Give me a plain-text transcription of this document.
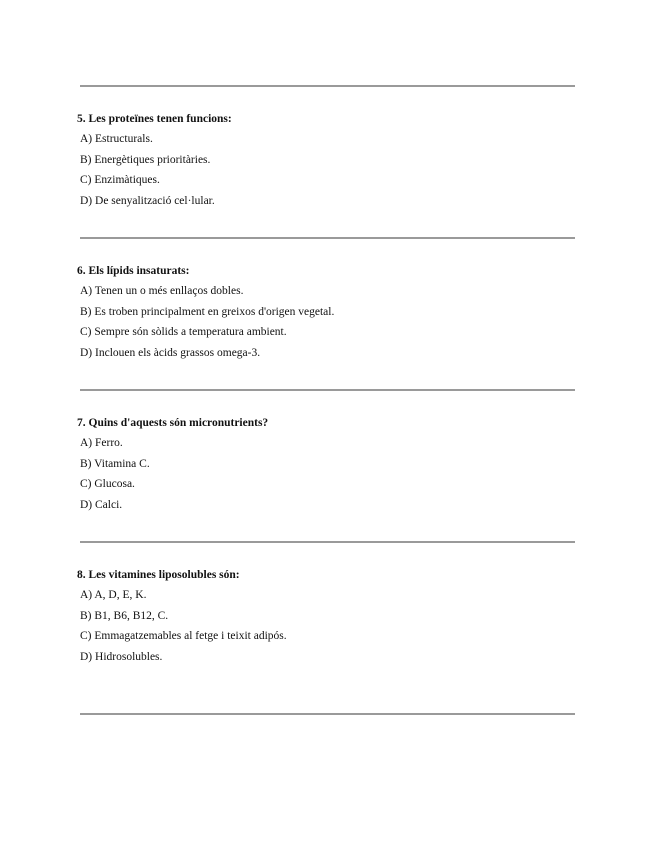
5. Les proteïnes tenen funcions:
A) Estructurals.
B) Energètiques prioritàries.
C) Enzimàtiques.
D) De senyalització cel·lular.
6. Els lípids insaturats:
A) Tenen un o més enllaços dobles.
B) Es troben principalment en greixos d'origen vegetal.
C) Sempre són sòlids a temperatura ambient.
D) Inclouen els àcids grassos omega-3.
7. Quins d'aquests són micronutrients?
A) Ferro.
B) Vitamina C.
C) Glucosa.
D) Calci.
8. Les vitamines liposolubles són:
A) A, D, E, K.
B) B1, B6, B12, C.
C) Emmagatzemables al fetge i teixit adipós.
D) Hidrosolubles.
